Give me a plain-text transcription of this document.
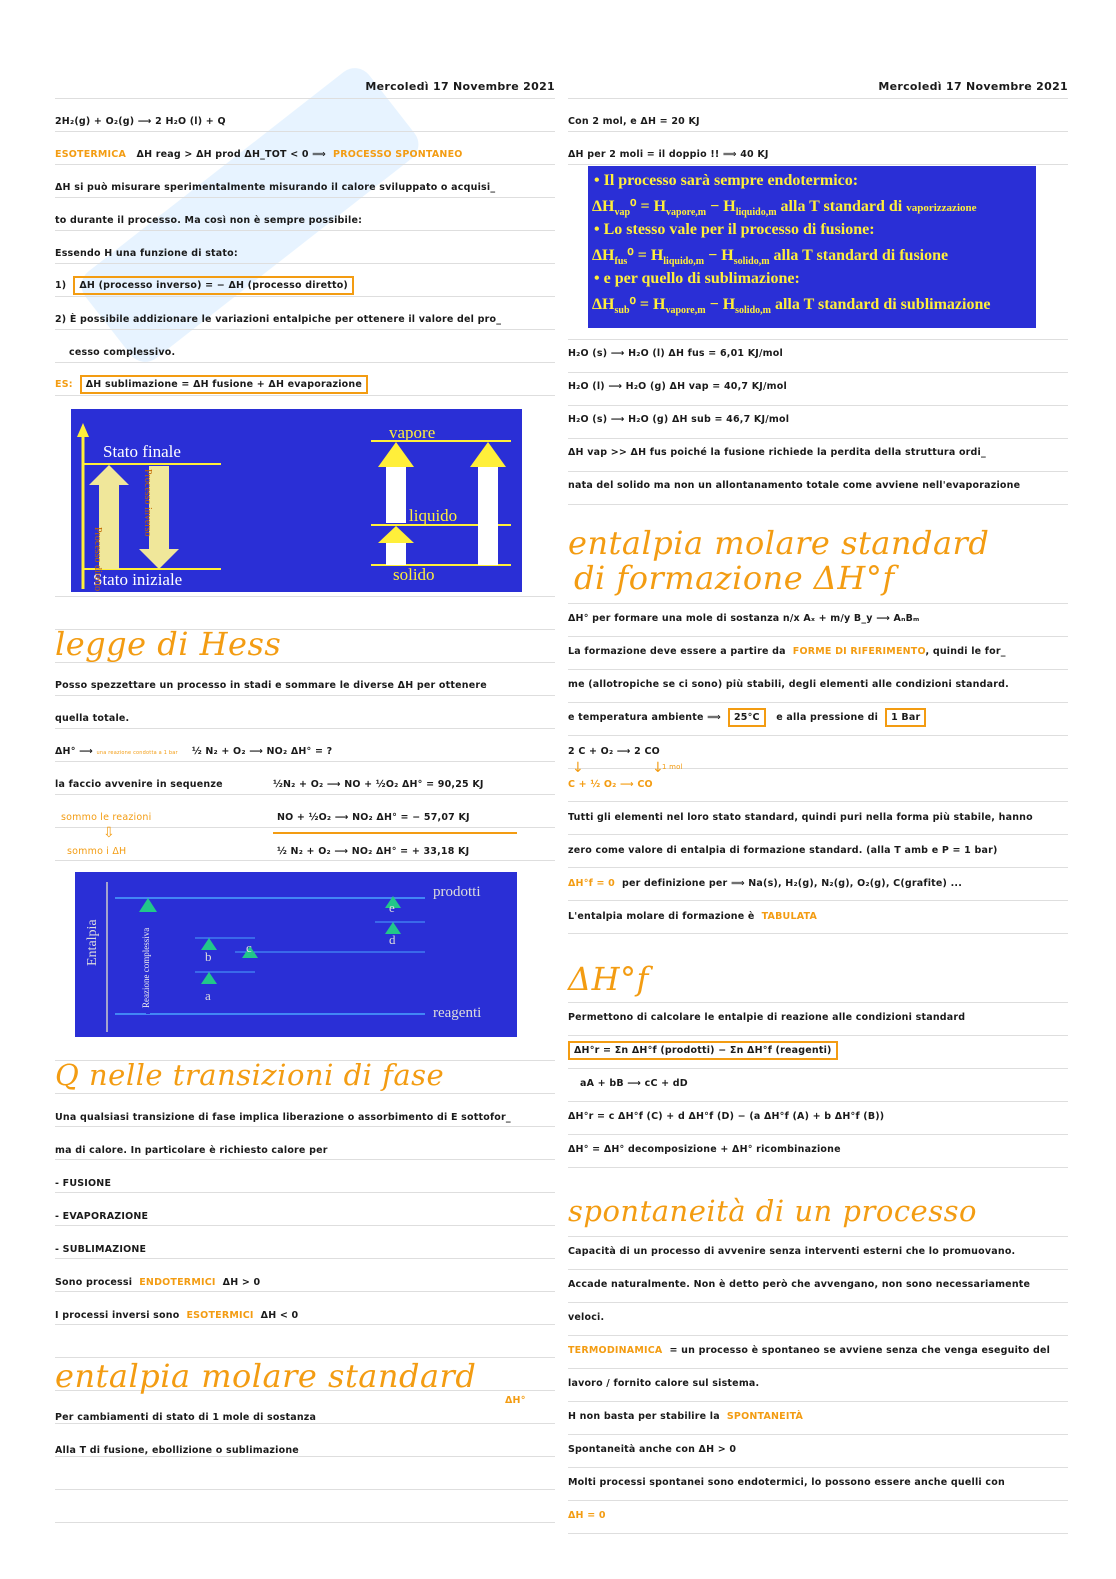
Mercoledì 17 Novembre 2021
2H₂(g) + O₂(g) ⟶ 2 H₂O (l) + Q
ESOTERMICA ΔH reag > ΔH prod ΔH_TOT < 0 ⟹ PROCESSO SPONTANEO
ΔH si può misurare sperimentalmente misurando il calore sviluppato o acquisi_
to durante il processo. Ma così non è sempre possibile:
Essendo H una funzione di stato:
1) ΔH (processo inverso) = − ΔH (processo diretto)
2) È possibile addizionare le variazioni entalpiche per ottenere il valore del pro_
cesso complessivo.
ES: ΔH sublimazione = ΔH fusione + ΔH evaporazione
Stato finale
Stato iniziale
Processo diretto
Processo inverso
vapore
liquido
solido
legge di Hess
Posso spezzettare un processo in stadi e sommare le diverse ΔH per ottenere
quella totale.
ΔH° ⟶ una reazione condotta a 1 bar ½ N₂ + O₂ ⟶ NO₂ ΔH° = ?
la faccio avvenire in sequenze	½N₂ + O₂ ⟶ NO + ½O₂ ΔH° = 90,25 KJ
sommo le reazioni	NO + ½O₂ ⟶ NO₂ ΔH° = − 57,07 KJ
⇩
sommo i ΔH	½ N₂ + O₂ ⟶ NO₂ ΔH° = + 33,18 KJ
Entalpia	Reazione complessiva
prodotti
reagenti
a
b
c
d
e
Q nelle transizioni di fase
Una qualsiasi transizione di fase implica liberazione o assorbimento di E sottofor_
ma di calore. In particolare è richiesto calore per
- FUSIONE
- EVAPORAZIONE
- SUBLIMAZIONE
Sono processi ENDOTERMICI ΔH > 0
I processi inversi sono ESOTERMICI ΔH < 0
entalpia molare standard
ΔH°
Per cambiamenti di stato di 1 mole di sostanza
Alla T di fusione, ebollizione o sublimazione
Mercoledì 17 Novembre 2021
Con 2 mol, e ΔH = 20 KJ
ΔH per 2 moli = il doppio !! ⟹ 40 KJ
• Il processo sarà sempre endotermico:
$\Delta H_{vap}^0 = H_{vapore,m} - H_{liquido,m}$ alla T standard di vaporizzazione
• Lo stesso vale per il processo di fusione:
$\Delta H_{fus}^0 = H_{liquido,m} - H_{solido,m}$ alla T standard di fusione
• e per quello di sublimazione:
$\Delta H_{sub}^0 = H_{vapore,m} - H_{solido,m}$ alla T standard di sublimazione
H₂O (s) ⟶ H₂O (l) ΔH fus = 6,01 KJ/mol
H₂O (l) ⟶ H₂O (g) ΔH vap = 40,7 KJ/mol
H₂O (s) ⟶ H₂O (g) ΔH sub = 46,7 KJ/mol
ΔH vap >> ΔH fus poiché la fusione richiede la perdita della struttura ordi_
nata del solido ma non un allontanamento totale come avviene nell'evaporazione
entalpia molare standard
di formazione ΔH°f
ΔH° per formare una mole di sostanza n/x Aₓ + m/y B_y ⟶ AₙBₘ
La formazione deve essere a partire da FORME DI RIFERIMENTO, quindi le for_
me (allotropiche se ci sono) più stabili, degli elementi alle condizioni standard.
e temperatura ambiente ⟹ 25°C e alla pressione di 1 Bar
2 C + O₂ ⟶ 2 CO
↓	↓
1 mol
C + ½ O₂ ⟶ CO
Tutti gli elementi nel loro stato standard, quindi puri nella forma più stabile, hanno
zero come valore di entalpia di formazione standard. (alla T amb e P = 1 bar)
ΔH°f = 0 per definizione per ⟹ Na(s), H₂(g), N₂(g), O₂(g), C(grafite) ...
L'entalpia molare di formazione è TABULATA
ΔH°f
Permettono di calcolare le entalpie di reazione alle condizioni standard
ΔH°r = Σn ΔH°f (prodotti) − Σn ΔH°f (reagenti)
aA + bB ⟶ cC + dD
ΔH°r = c ΔH°f (C) + d ΔH°f (D) − (a ΔH°f (A) + b ΔH°f (B))
ΔH° = ΔH° decomposizione + ΔH° ricombinazione
spontaneità di un processo
Capacità di un processo di avvenire senza interventi esterni che lo promuovano.
Accade naturalmente. Non è detto però che avvengano, non sono necessariamente
veloci.
TERMODINAMICA = un processo è spontaneo se avviene senza che venga eseguito del
lavoro / fornito calore sul sistema.
H non basta per stabilire la SPONTANEITÀ
Spontaneità anche con ΔH > 0
Molti processi spontanei sono endotermici, lo possono essere anche quelli con
ΔH = 0
